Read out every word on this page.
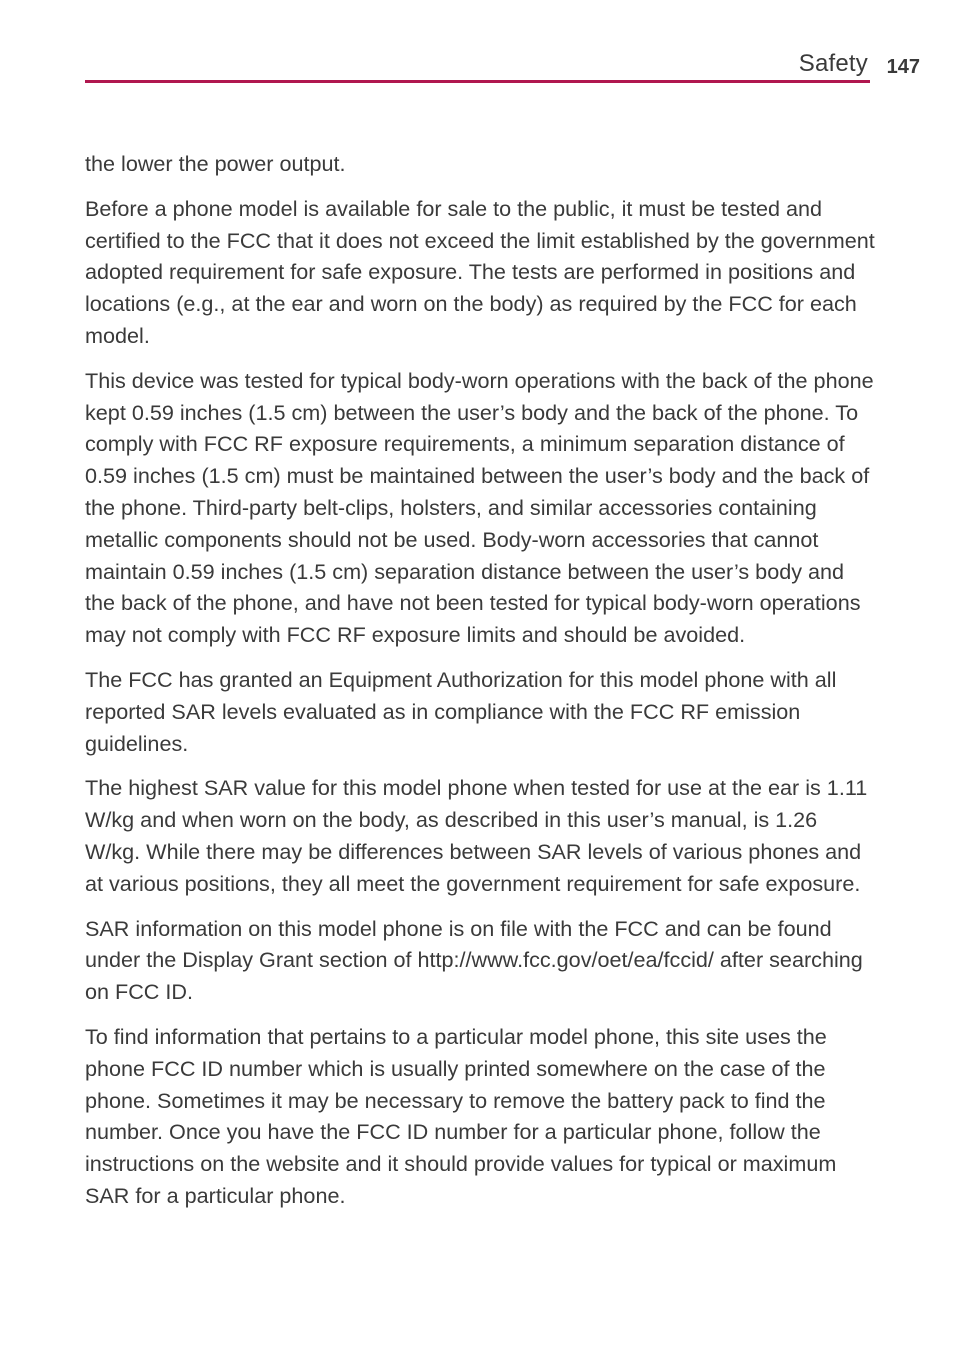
Safety 147

the lower the power output.

Before a phone model is available for sale to the public, it must be tested and certified to the FCC that it does not exceed the limit established by the government adopted requirement for safe exposure. The tests are performed in positions and locations (e.g., at the ear and worn on the body) as required by the FCC for each model.

This device was tested for typical body-worn operations with the back of the phone kept 0.59 inches (1.5 cm) between the user’s body and the back of the phone. To comply with FCC RF exposure requirements, a minimum separation distance of 0.59 inches (1.5 cm) must be maintained between the user’s body and the back of the phone. Third-party belt-clips, holsters, and similar accessories containing metallic components should not be used. Body-worn accessories that cannot maintain 0.59 inches (1.5 cm) separation distance between the user’s body and the back of the phone, and have not been tested for typical body-worn operations may not comply with FCC RF exposure limits and should be avoided.

The FCC has granted an Equipment Authorization for this model phone with all reported SAR levels evaluated as in compliance with the FCC RF emission guidelines.

The highest SAR value for this model phone when tested for use at the ear is 1.11 W/kg and when worn on the body, as described in this user’s manual, is 1.26 W/kg. While there may be differences between SAR levels of various phones and at various positions, they all meet the government requirement for safe exposure.

SAR information on this model phone is on file with the FCC and can be found under the Display Grant section of http://www.fcc.gov/oet/ea/fccid/ after searching on FCC ID.

To find information that pertains to a particular model phone, this site uses the phone FCC ID number which is usually printed somewhere on the case of the phone. Sometimes it may be necessary to remove the battery pack to find the number. Once you have the FCC ID number for a particular phone, follow the instructions on the website and it should provide values for typical or maximum SAR for a particular phone.
